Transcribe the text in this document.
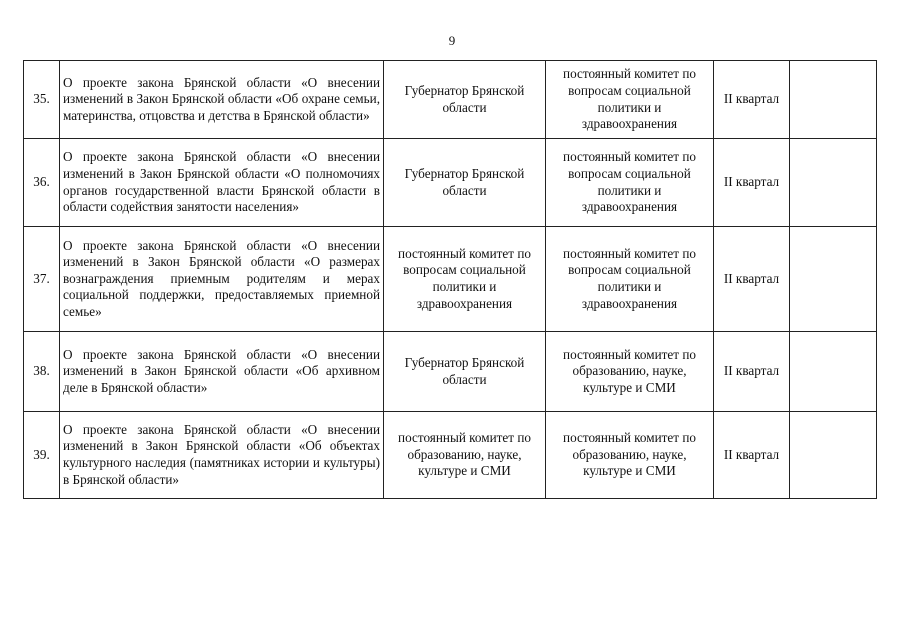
9
35.	О проекте закона Брянской области «О внесении изменений в Закон Брянской области «Об охране семьи, материнства, отцовства и детства в Брянской области»	Губернатор Брянской области	постоянный комитет по вопросам социальной политики и здравоохранения	II квартал	
36.	О проекте закона Брянской области «О внесении изменений в Закон Брянской области «О полномочиях органов государственной власти Брянской области в области содействия занятости населения»	Губернатор Брянской области	постоянный комитет по вопросам социальной политики и здравоохранения	II квартал	
37.	О проекте закона Брянской области «О внесении изменений в Закон Брянской области «О размерах вознаграждения приемным родителям и мерах социальной поддержки, предоставляемых приемной семье»	постоянный комитет по вопросам социальной политики и здравоохранения	постоянный комитет по вопросам социальной политики и здравоохранения	II квартал	
38.	О проекте закона Брянской области «О внесении изменений в Закон Брянской области «Об архивном деле в Брянской области»	Губернатор Брянской области	постоянный комитет по образованию, науке, культуре и СМИ	II квартал	
39.	О проекте закона Брянской области «О внесении изменений в Закон Брянской области «Об объектах культурного наследия (памятниках истории и культуры) в Брянской области»	постоянный комитет по образованию, науке, культуре и СМИ	постоянный комитет по образованию, науке, культуре и СМИ	II квартал	
